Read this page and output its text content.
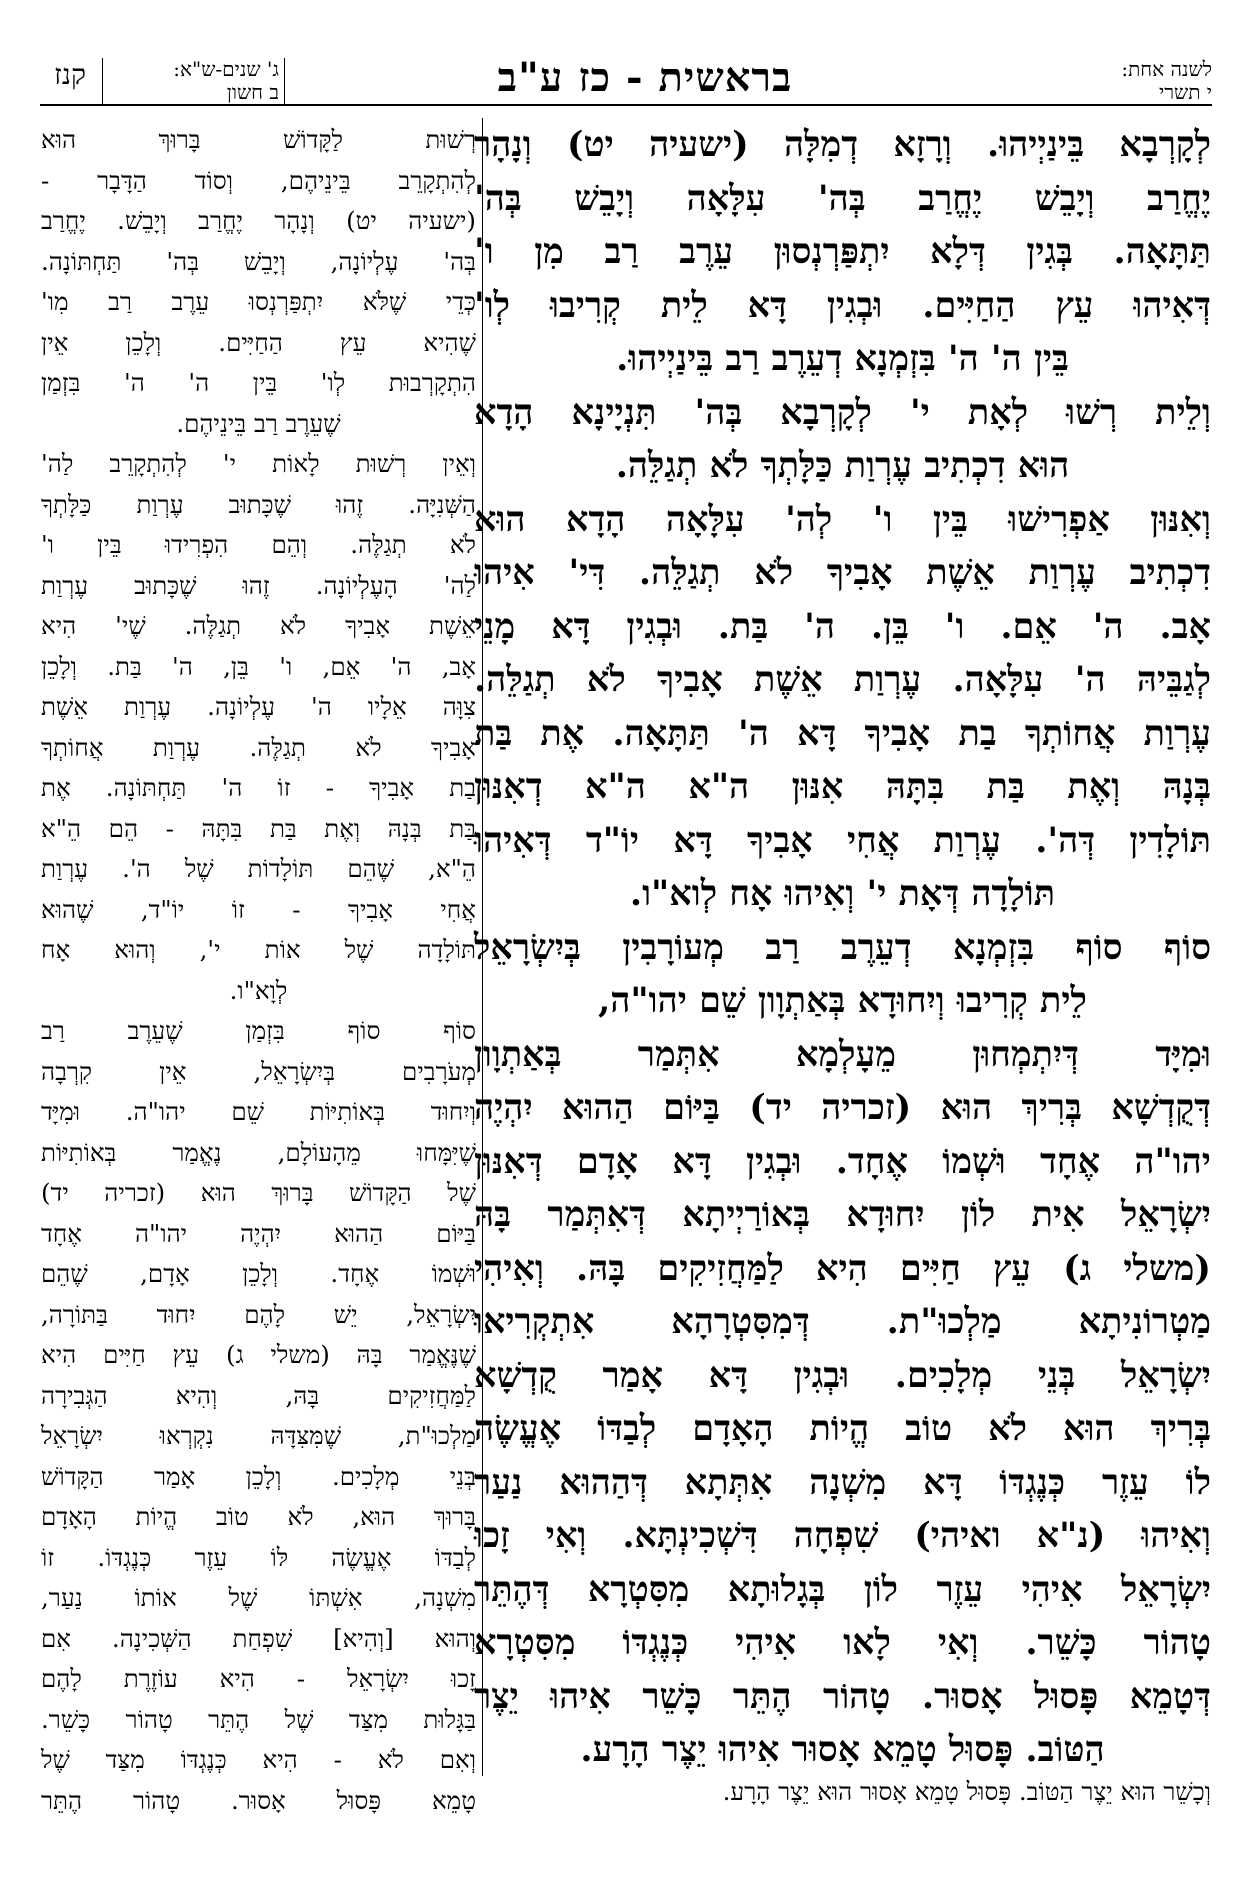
לשנה אחת:
י תשרי
בראשית - כז ע"ב
ג' שנים-ש"א:
ב חשון
קנז

לְקָרְבָא בֵּינַיְיהוּ. וְרָזָא דְמִלָּה (ישעיה יט) וְנָהָר

יֶחֱרַב וְיָבֵשׁ יֶחֱרַב בְּה' עִלָּאָה וְיָבֵשׁ בְּה'

תַּתָּאָה. בְּגִין דְּלָא יִתְפַּרְנְסוּן עֵרֶב רַב מִן ו'

דְּאִיהוּ עֵץ הַחַיִּים. וּבְגִין דָּא לֵית קְרִיבוּ לְו'

בֵּין ה' ה' בִּזְמְנָא דְעֵרֶב רַב בֵּינַיְיהוּ.

וְלֵית רְשׁוּ לְאָת י' לְקָרְבָא בְּה' תִּנְיָינָא הָדָא

הוּא דִכְתִיב עֶרְוַת כַּלָּתְךָ לֹא תְגַלֵּה.

וְאִנּוּן אַפְרִישׁוּ בֵּין ו' לְה' עִלָּאָה הָדָא הוּא

דִכְתִיב עֶרְוַת אֵשֶׁת אָבִיךָ לֹא תְגַלֵּה. דִּי' אִיהוּ

אָב. ה' אֵם. ו' בֵּן. ה' בַּת. וּבְגִין דָּא מָנֵי

לְגַבֵּיהּ ה' עִלָּאָה. עֶרְוַת אֵשֶׁת אָבִיךָ לֹא תְגַלֵּה.

עֶרְוַת אֲחוֹתְךָ בַת אָבִיךָ דָּא ה' תַּתָּאָה. אֶת בַּת

בְּנָהּ וְאֶת בַּת בִּתָּהּ אִנּוּן ה"א ה"א דְאִנּוּן

תּוֹלָדִין דְּה'. עֶרְוַת אֲחִי אָבִיךָ דָּא יוֹ"ד דְּאִיהוּ

תּוֹלָדָה דְּאָת י' וְאִיהוּ אָח לְוא"ו.

סוֹף סוֹף בִּזְמְנָא דְעֵרֶב רַב מְעוֹרָבִין בְּיִשְׂרָאֵל

לֵית קְרִיבוּ וְיִחוּדָא בְּאַתְוָון שֵׁם יהו"ה,

וּמִיָּד דְּיִתְמְחוּן מֵעָלְמָא אִתְּמַר בְּאַתְוָון

דְּקֻדְשָׁא בְּרִיךְ הוּא (זכריה יד) בַּיּוֹם הַהוּא יִהְיֶה

יהו"ה אֶחָד וּשְׁמוֹ אֶחָד. וּבְגִין דָּא אָדָם דְּאִנּוּן

יִשְׂרָאֵל אִית לוֹן יִחוּדָא בְּאוֹרַיְיתָא דְּאִתְּמַר בָּהּ

(משלי ג) עֵץ חַיִּים הִיא לַמַּחֲזִיקִים בָּהּ. וְאִיהִי

מַטְרוֹנִיתָא מַלְכוּ"ת. דְּמִסִּטְרָהָא אִתְקְרִיאוּ

יִשְׂרָאֵל בְּנֵי מְלָכִים. וּבְגִין דָּא אָמַר קֻדְשָׁא

בְּרִיךְ הוּא לֹא טוֹב הֱיוֹת הָאָדָם לְבַדּוֹ אֶעֱשֶׂה

לוֹ עֵזֶר כְּנֶגְדּוֹ דָּא מִשְׁנָה אִתְּתָא דְּהַהוּא נַעַר

וְאִיהוּ (נ"א ואיהי) שִׁפְחָה דִּשְׁכִינְתָּא. וְאִי זָכוּ

יִשְׂרָאֵל אִיהִי עֵזֶר לוֹן בְּגָלוּתָא מִסִּטְרָא דְּהֶתֵּר

טָהוֹר כָּשֵׁר. וְאִי לָאו אִיהִי כְּנֶגְדּוֹ מִסִּטְרָא

דְּטָמֵא פָּסוּל אָסוּר. טָהוֹר הֶתֵּר כָּשֵׁר אִיהוּ יֵצֶר

הַטּוֹב. פָּסוּל טָמֵא אָסוּר אִיהוּ יֵצֶר הָרָע.

רְשׁוּת לַקָּדוֹשׁ בָּרוּךְ הוּא

לְהִתְקָרֵב בֵּינֵיהֶם, וְסוֹד הַדָּבָר -

(ישעיה יט) וְנָהָר יֶחֱרַב וְיָבֵשׁ. יֶחֱרַב

בְּה' עֶלְיוֹנָה, וְיָבֵשׁ בְּה' תַּחְתּוֹנָה.

כְּדֵי שֶׁלֹּא יִתְפַּרְנְסוּ עֵרֶב רַב מִו'

שֶׁהִיא עֵץ הַחַיִּים. וְלָכֵן אֵין

הִתְקָרְבוּת לְו' בֵּין ה' ה' בִּזְמַן

שֶׁעֵרֶב רַב בֵּינֵיהֶם.

וְאֵין רְשׁוּת לָאוֹת י' לְהִתְקָרֵב לַה'

הַשְּׁנִיָּה. זֶהוּ שֶׁכָּתוּב עֶרְוַת כַּלָּתְךָ

לֹא תְגַלֶּה. וְהֵם הִפְרִידוּ בֵּין ו'

לַה' הָעֶלְיוֹנָה. זֶהוּ שֶׁכָּתוּב עֶרְוַת

אֵשֶׁת אָבִיךָ לֹא תְגַלֶּה. שֶׁי' הִיא

אָב, ה' אֵם, ו' בֵּן, ה' בַּת. וְלָכֵן

צִוָּה אֵלָיו ה' עֶלְיוֹנָה. עֶרְוַת אֵשֶׁת

אָבִיךָ לֹא תְגַלֶּה. עֶרְוַת אֲחוֹתְךָ

בַת אָבִיךָ - זוֹ ה' תַּחְתּוֹנָה. אֶת

בַּת בְּנָהּ וְאֶת בַּת בִּתָּהּ - הֵם הֵ"א

הֵ"א, שֶׁהֵם תּוֹלָדוֹת שֶׁל ה'. עֶרְוַת

אֲחִי אָבִיךָ - זוֹ יוֹ"ד, שֶׁהוּא

תּוֹלָדָה שֶׁל אוֹת י', וְהוּא אָח

לְוָא"ו.

סוֹף סוֹף בִּזְמַן שֶׁעֵרֶב רַב

מְעֹרָבִים בְּיִשְׂרָאֵל, אֵין קִרְבָה

וְיִחוּד בְּאוֹתִיּוֹת שֵׁם יהו"ה. וּמִיָּד

שֶׁיִּמָּחוּ מֵהָעוֹלָם, נֶאֱמַר בְּאוֹתִיּוֹת

שֶׁל הַקָּדוֹשׁ בָּרוּךְ הוּא (זכריה יד)

בַּיּוֹם הַהוּא יִהְיֶה יהו"ה אֶחָד

וּשְׁמוֹ אֶחָד. וְלָכֵן אָדָם, שֶׁהֵם

יִשְׂרָאֵל, יֵשׁ לָהֶם יִחוּד בַּתּוֹרָה,

שֶׁנֶּאֱמַר בָּהּ (משלי ג) עֵץ חַיִּים הִיא

לַמַּחֲזִיקִים בָּהּ, וְהִיא הַגְּבִירָה

מַלְכוּ"ת, שֶׁמִּצִּדָּהּ נִקְרְאוּ יִשְׂרָאֵל

בְּנֵי מְלָכִים. וְלָכֵן אָמַר הַקָּדוֹשׁ

בָּרוּךְ הוּא, לֹא טוֹב הֱיוֹת הָאָדָם

לְבַדּוֹ אֶעֱשֶׂה לּוֹ עֵזֶר כְּנֶגְדּוֹ. זוֹ

מִשְׁנָה, אִשְׁתּוֹ שֶׁל אוֹתוֹ נַעַר,

וְהוּא [וְהִיא] שִׁפְחַת הַשְּׁכִינָה. אִם

זָכוּ יִשְׂרָאֵל - הִיא עוֹזֶרֶת לָהֶם

בַּגָּלוּת מִצַּד שֶׁל הֶתֵּר טָהוֹר כָּשֵׁר.

וְאִם לֹא - הִיא כְּנֶגְדּוֹ מִצַּד שֶׁל

טָמֵא פָּסוּל אָסוּר. טָהוֹר הֶתֵּר	וְכָשֵׁר הוּא יֵצֶר הַטּוֹב. פָּסוּל טָמֵא אָסוּר הוּא יֵצֶר הָרָע.
